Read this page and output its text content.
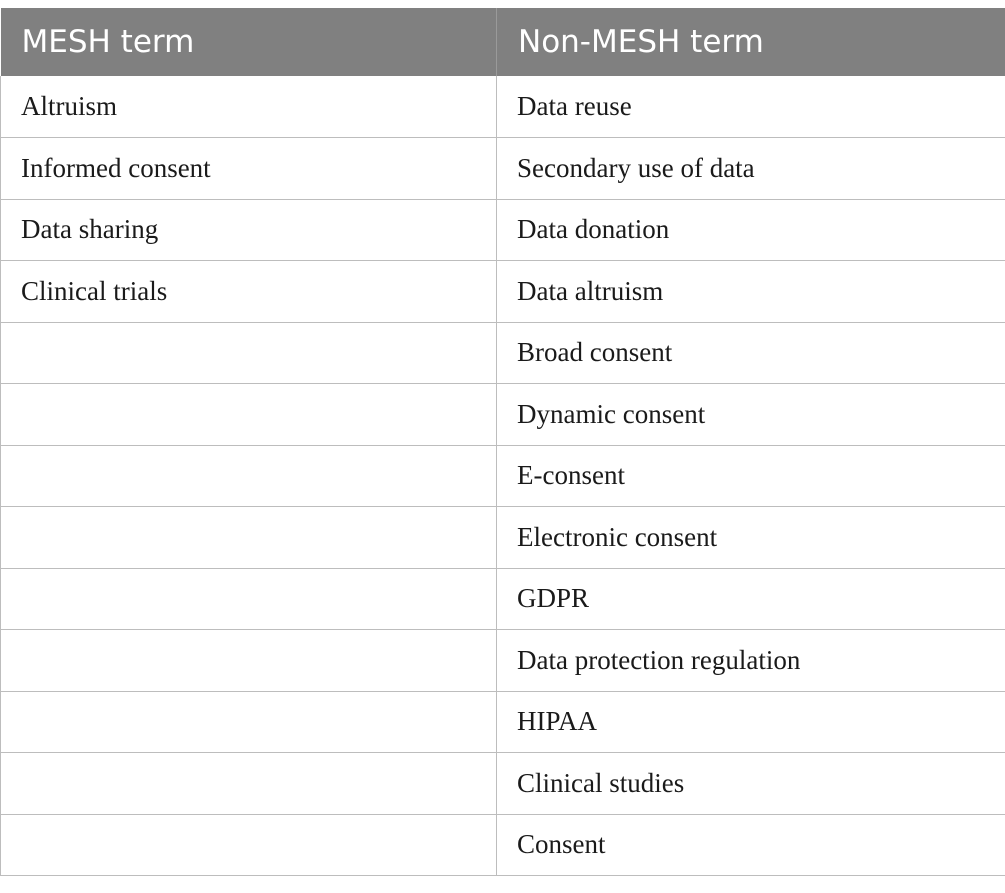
MESH term	Non-MESH term
Altruism	Data reuse
Informed consent	Secondary use of data
Data sharing	Data donation
Clinical trials	Data altruism
	Broad consent
	Dynamic consent
	E-consent
	Electronic consent
	GDPR
	Data protection regulation
	HIPAA
	Clinical studies
	Consent
